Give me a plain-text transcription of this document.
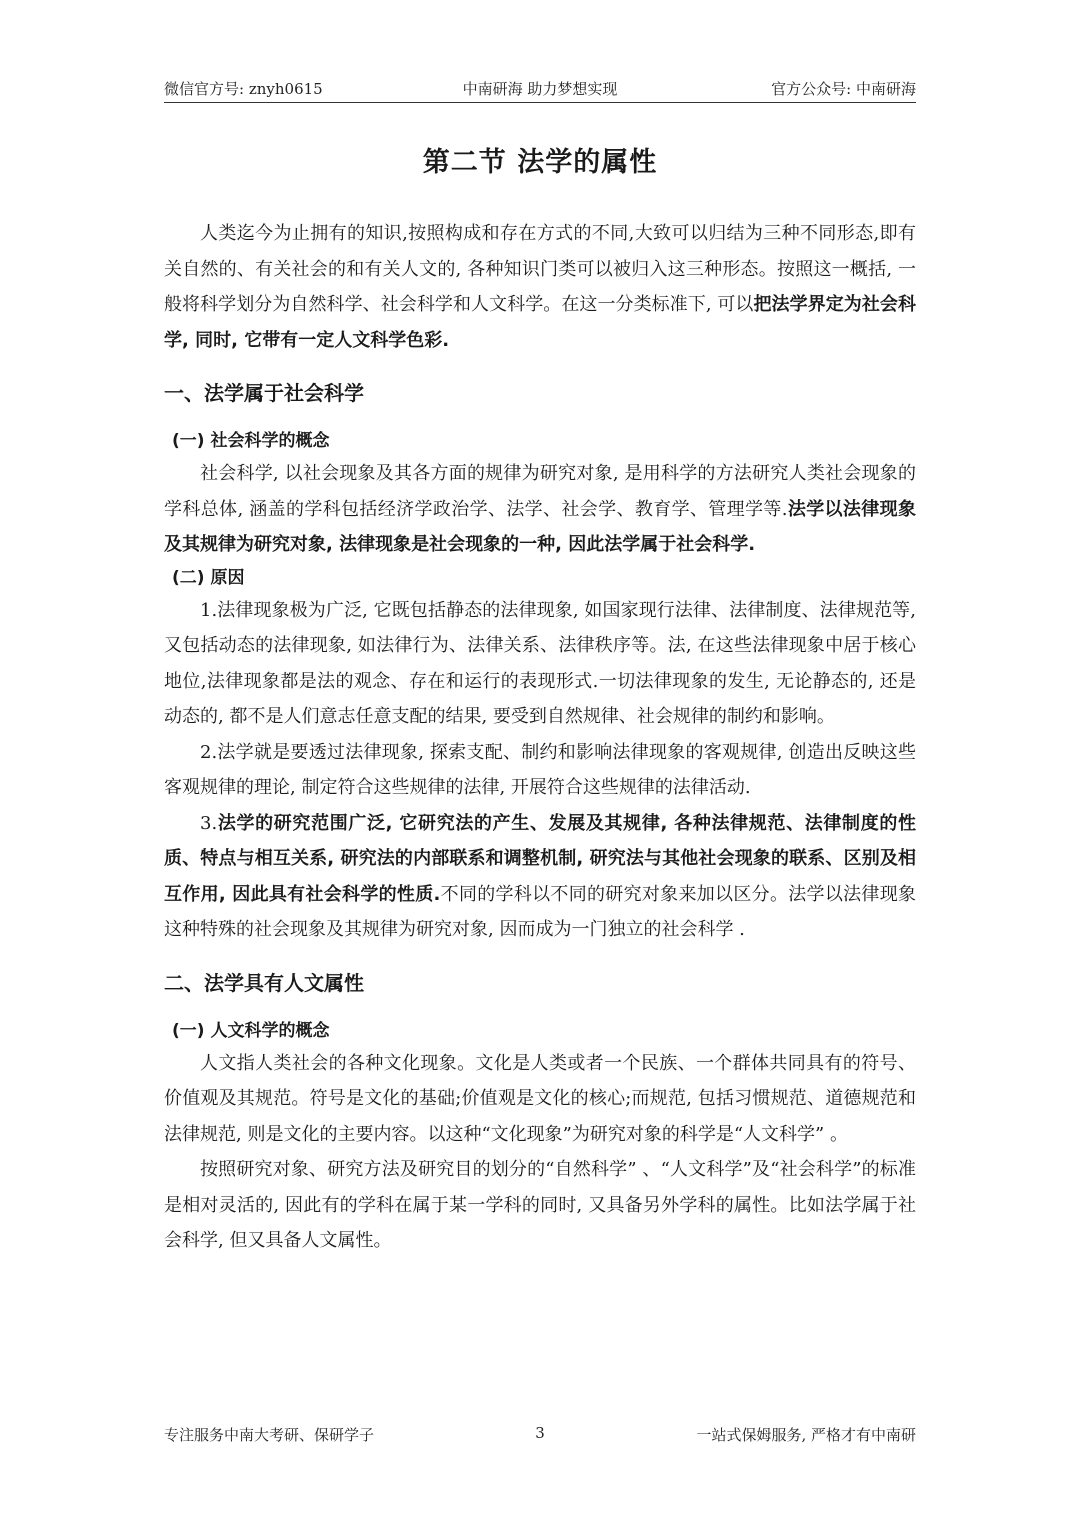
微信官方号: znyh0615	中南研海 助力梦想实现	官方公众号: 中南研海
第二节 法学的属性

人类迄今为止拥有的知识,按照构成和存在方式的不同,大致可以归结为三种不同形态,即有关自然的、有关社会的和有关人文的, 各种知识门类可以被归入这三种形态。按照这一概括, 一般将科学划分为自然科学、社会科学和人文科学。在这一分类标准下, 可以把法学界定为社会科学, 同时, 它带有一定人文科学色彩.

一、法学属于社会科学
(一) 社会科学的概念

社会科学, 以社会现象及其各方面的规律为研究对象, 是用科学的方法研究人类社会现象的学科总体, 涵盖的学科包括经济学政治学、法学、社会学、教育学、管理学等.法学以法律现象及其规律为研究对象, 法律现象是社会现象的一种, 因此法学属于社会科学.

(二) 原因

1.法律现象极为广泛, 它既包括静态的法律现象, 如国家现行法律、法律制度、法律规范等, 又包括动态的法律现象, 如法律行为、法律关系、法律秩序等。法, 在这些法律现象中居于核心地位,法律现象都是法的观念、存在和运行的表现形式.一切法律现象的发生, 无论静态的, 还是动态的, 都不是人们意志任意支配的结果, 要受到自然规律、社会规律的制约和影响。

2.法学就是要透过法律现象, 探索支配、制约和影响法律现象的客观规律, 创造出反映这些客观规律的理论, 制定符合这些规律的法律, 开展符合这些规律的法律活动.

3.法学的研究范围广泛, 它研究法的产生、发展及其规律, 各种法律规范、法律制度的性质、特点与相互关系, 研究法的内部联系和调整机制, 研究法与其他社会现象的联系、区别及相互作用, 因此具有社会科学的性质.不同的学科以不同的研究对象来加以区分。法学以法律现象这种特殊的社会现象及其规律为研究对象, 因而成为一门独立的社会科学 .

二、法学具有人文属性
(一) 人文科学的概念

人文指人类社会的各种文化现象。文化是人类或者一个民族、一个群体共同具有的符号、价值观及其规范。符号是文化的基础;价值观是文化的核心;而规范, 包括习惯规范、道德规范和法律规范, 则是文化的主要内容。以这种“文化现象”为研究对象的科学是“人文科学” 。

按照研究对象、研究方法及研究目的划分的“自然科学” 、“人文科学”及“社会科学”的标准是相对灵活的, 因此有的学科在属于某一学科的同时, 又具备另外学科的属性。比如法学属于社会科学, 但又具备人文属性。

专注服务中南大考研、保研学子	3	一站式保姆服务, 严格才有中南研
